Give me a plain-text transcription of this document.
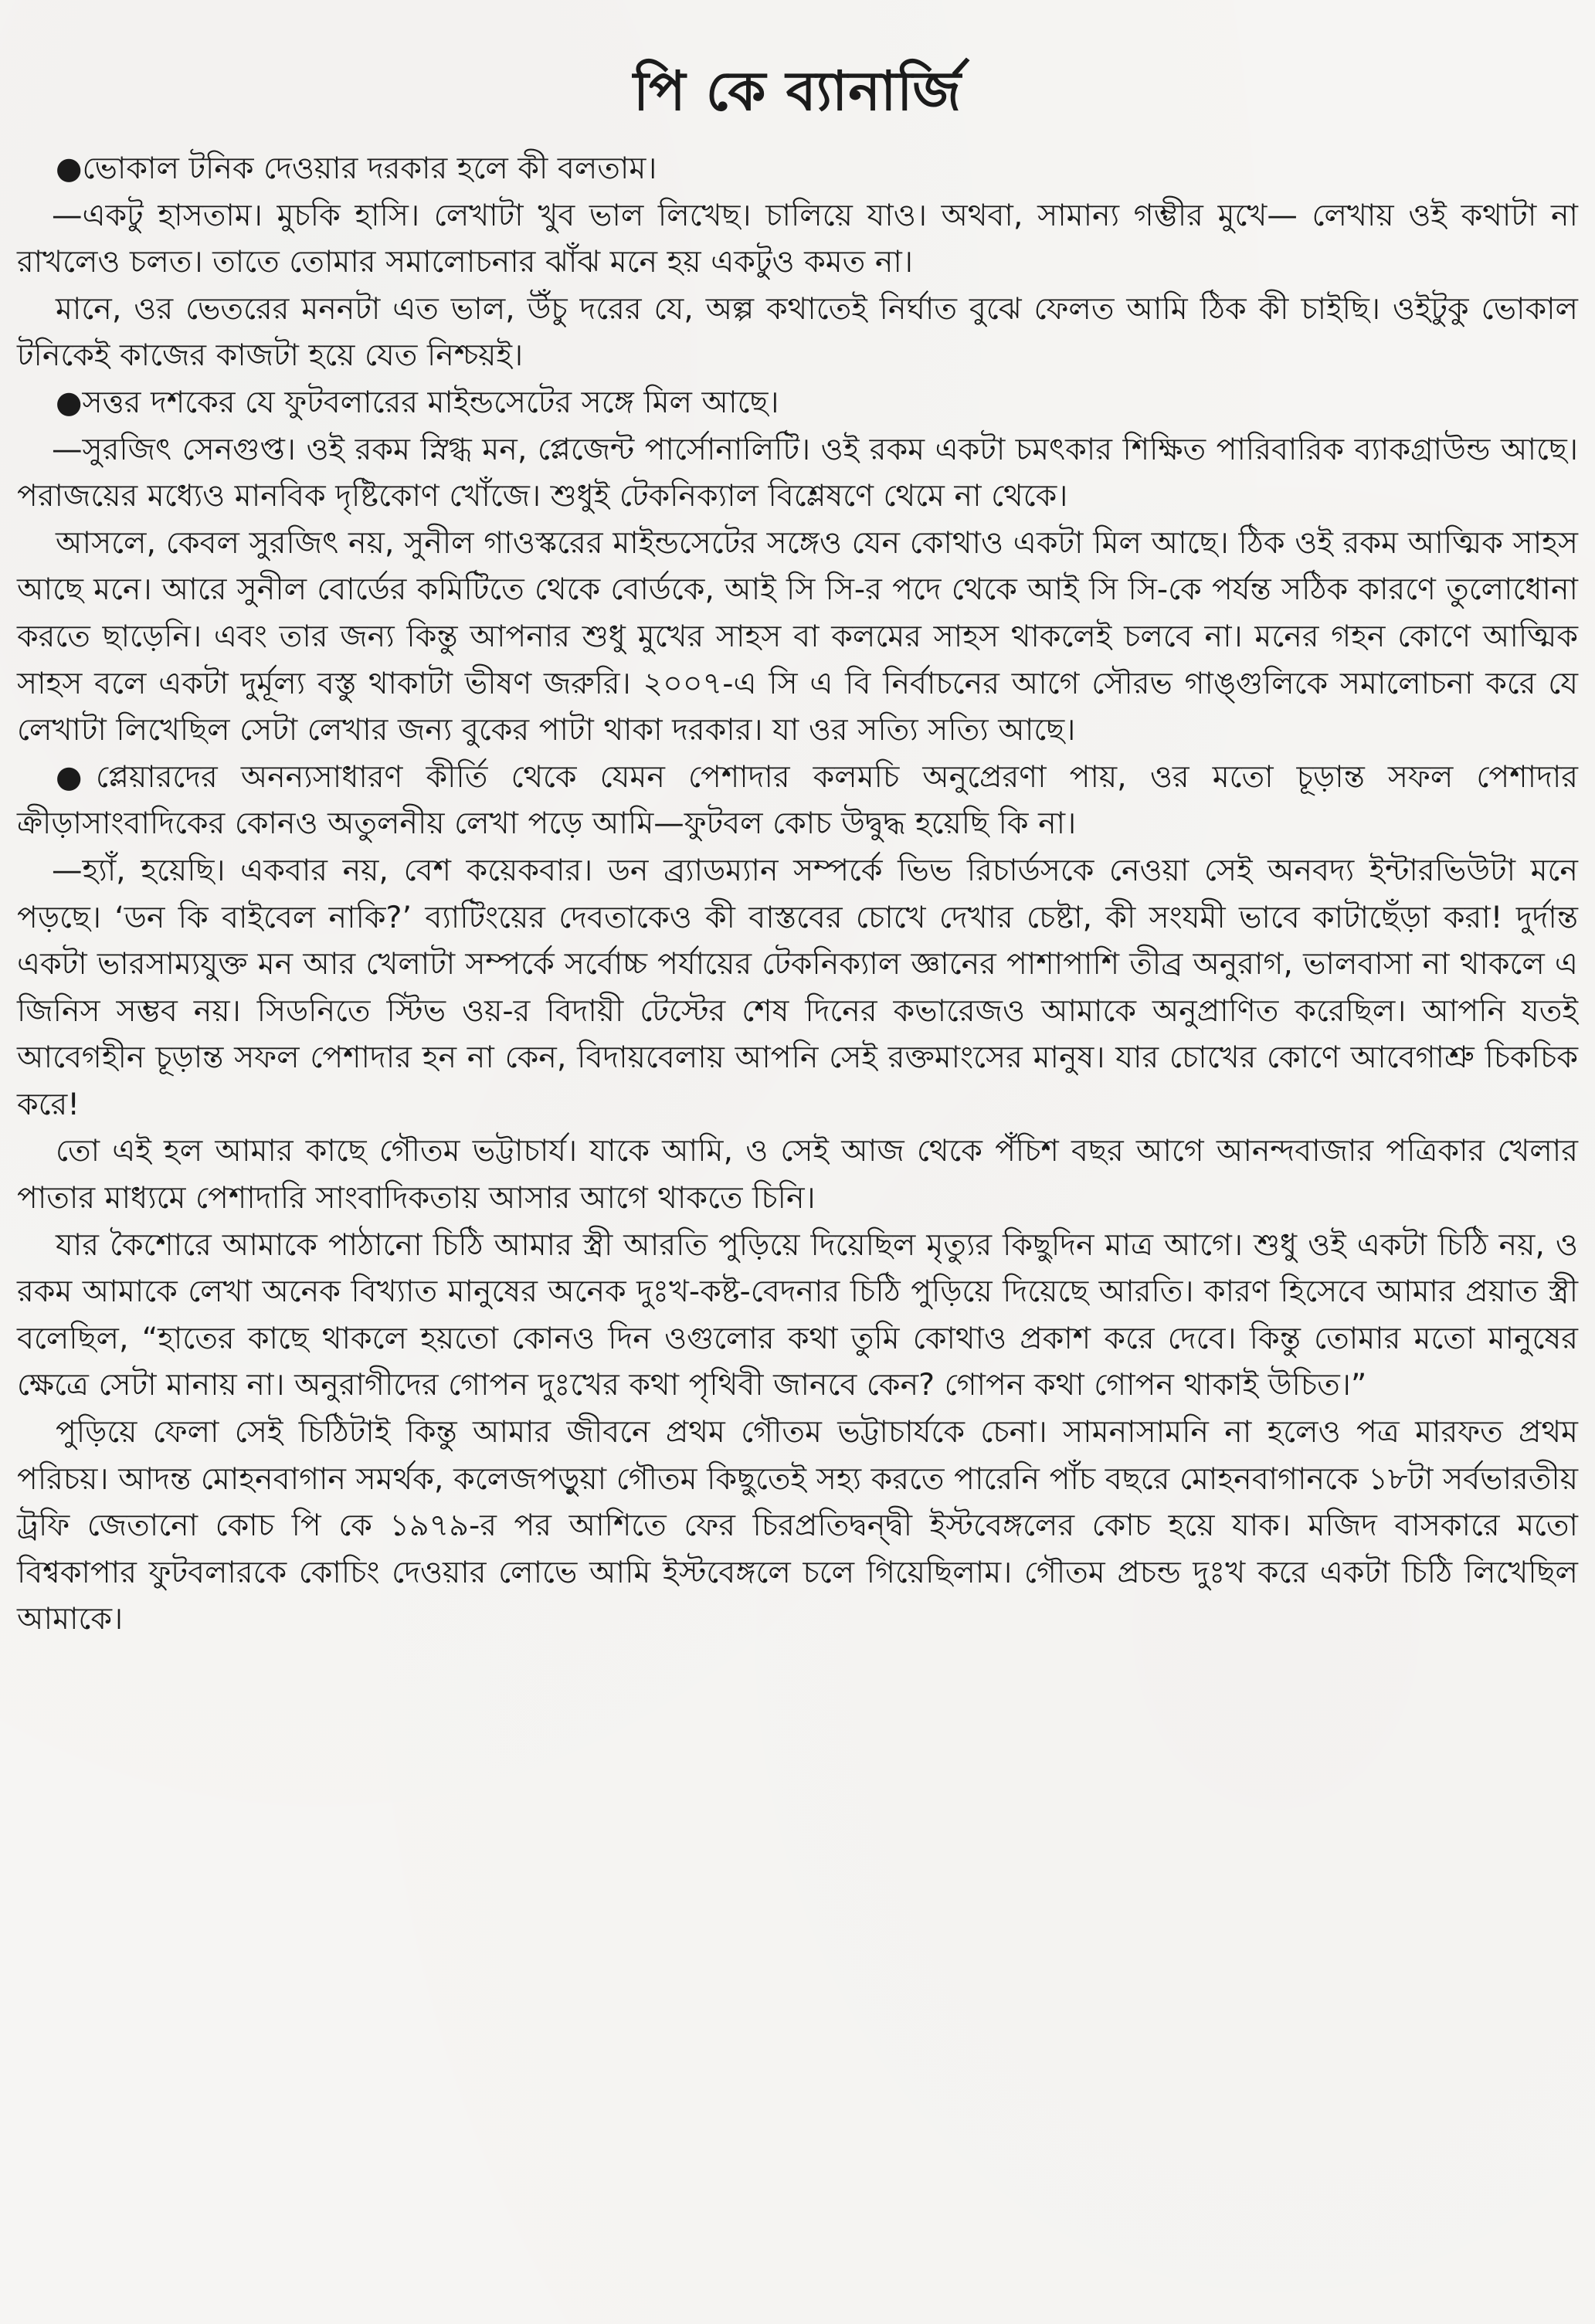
পি কে ব্যানার্জি

●ভোকাল টনিক দেওয়ার দরকার হলে কী বলতাম।

—একটু হাসতাম। মুচকি হাসি। লেখাটা খুব ভাল লিখেছ। চালিয়ে যাও। অথবা, সামান্য গম্ভীর মুখে— লেখায় ওই কথাটা না রাখলেও চলত। তাতে তোমার সমালোচনার ঝাঁঝ মনে হয় একটুও কমত না।

মানে, ওর ভেতরের মননটা এত ভাল, উঁচু দরের যে, অল্প কথাতেই নির্ঘাত বুঝে ফেলত আমি ঠিক কী চাইছি। ওইটুকু ভোকাল টনিকেই কাজের কাজটা হয়ে যেত নিশ্চয়ই।

●সত্তর দশকের যে ফুটবলারের মাইন্ডসেটের সঙ্গে মিল আছে।

—সুরজিৎ সেনগুপ্ত। ওই রকম স্নিগ্ধ মন, প্লেজেন্ট পার্সোনালিটি। ওই রকম একটা চমৎকার শিক্ষিত পারিবারিক ব্যাকগ্রাউন্ড আছে। পরাজয়ের মধ্যেও মানবিক দৃষ্টিকোণ খোঁজে। শুধুই টেকনিক্যাল বিশ্লেষণে থেমে না থেকে।

আসলে, কেবল সুরজিৎ নয়, সুনীল গাওস্করের মাইন্ডসেটের সঙ্গেও যেন কোথাও একটা মিল আছে। ঠিক ওই রকম আত্মিক সাহস আছে মনে। আরে সুনীল বোর্ডের কমিটিতে থেকে বোর্ডকে, আই সি সি-র পদে থেকে আই সি সি-কে পর্যন্ত সঠিক কারণে তুলোধোনা করতে ছাড়েনি। এবং তার জন্য কিন্তু আপনার শুধু মুখের সাহস বা কলমের সাহস থাকলেই চলবে না। মনের গহন কোণে আত্মিক সাহস বলে একটা দুর্মূল্য বস্তু থাকাটা ভীষণ জরুরি। ২০০৭-এ সি এ বি নির্বাচনের আগে সৌরভ গাঙ্গুলিকে সমালোচনা করে যে লেখাটা লিখেছিল সেটা লেখার জন্য বুকের পাটা থাকা দরকার। যা ওর সত্যি সত্যি আছে।

●প্লেয়ারদের অনন্যসাধারণ কীর্তি থেকে যেমন পেশাদার কলমচি অনুপ্রেরণা পায়, ওর মতো চূড়ান্ত সফল পেশাদার ক্রীড়াসাংবাদিকের কোনও অতুলনীয় লেখা পড়ে আমি—ফুটবল কোচ উদ্বুদ্ধ হয়েছি কি না।

—হ্যাঁ, হয়েছি। একবার নয়, বেশ কয়েকবার। ডন ব্র্যাডম্যান সম্পর্কে ভিভ রিচার্ডসকে নেওয়া সেই অনবদ্য ইন্টারভিউটা মনে পড়ছে। ‘ডন কি বাইবেল নাকি?’ ব্যাটিংয়ের দেবতাকেও কী বাস্তবের চোখে দেখার চেষ্টা, কী সংযমী ভাবে কাটাছেঁড়া করা! দুর্দান্ত একটা ভারসাম্যযুক্ত মন আর খেলাটা সম্পর্কে সর্বোচ্চ পর্যায়ের টেকনিক্যাল জ্ঞানের পাশাপাশি তীব্র অনুরাগ, ভালবাসা না থাকলে এ জিনিস সম্ভব নয়। সিডনিতে স্টিভ ওয়-র বিদায়ী টেস্টের শেষ দিনের কভারেজও আমাকে অনুপ্রাণিত করেছিল। আপনি যতই আবেগহীন চূড়ান্ত সফল পেশাদার হন না কেন, বিদায়বেলায় আপনি সেই রক্তমাংসের মানুষ। যার চোখের কোণে আবেগাশ্রু চিকচিক করে!

তো এই হল আমার কাছে গৌতম ভট্টাচার্য। যাকে আমি, ও সেই আজ থেকে পঁচিশ বছর আগে আনন্দবাজার পত্রিকার খেলার পাতার মাধ্যমে পেশাদারি সাংবাদিকতায় আসার আগে থাকতে চিনি।

যার কৈশোরে আমাকে পাঠানো চিঠি আমার স্ত্রী আরতি পুড়িয়ে দিয়েছিল মৃত্যুর কিছুদিন মাত্র আগে। শুধু ওই একটা চিঠি নয়, ও রকম আমাকে লেখা অনেক বিখ্যাত মানুষের অনেক দুঃখ-কষ্ট-বেদনার চিঠি পুড়িয়ে দিয়েছে আরতি। কারণ হিসেবে আমার প্রয়াত স্ত্রী বলেছিল, “হাতের কাছে থাকলে হয়তো কোনও দিন ওগুলোর কথা তুমি কোথাও প্রকাশ করে দেবে। কিন্তু তোমার মতো মানুষের ক্ষেত্রে সেটা মানায় না। অনুরাগীদের গোপন দুঃখের কথা পৃথিবী জানবে কেন? গোপন কথা গোপন থাকাই উচিত।”

পুড়িয়ে ফেলা সেই চিঠিটাই কিন্তু আমার জীবনে প্রথম গৌতম ভট্টাচার্যকে চেনা। সামনাসামনি না হলেও পত্র মারফত প্রথম পরিচয়। আদন্ত মোহনবাগান সমর্থক, কলেজপড়ুয়া গৌতম কিছুতেই সহ্য করতে পারেনি পাঁচ বছরে মোহনবাগানকে ১৮টা সর্বভারতীয় ট্রফি জেতানো কোচ পি কে ১৯৭৯-র পর আশিতে ফের চিরপ্রতিদ্বন্দ্বী ইস্টবেঙ্গলের কোচ হয়ে যাক। মজিদ বাসকারে মতো বিশ্বকাপার ফুটবলারকে কোচিং দেওয়ার লোভে আমি ইস্টবেঙ্গলে চলে গিয়েছিলাম। গৌতম প্রচন্ড দুঃখ করে একটা চিঠি লিখেছিল আমাকে।
